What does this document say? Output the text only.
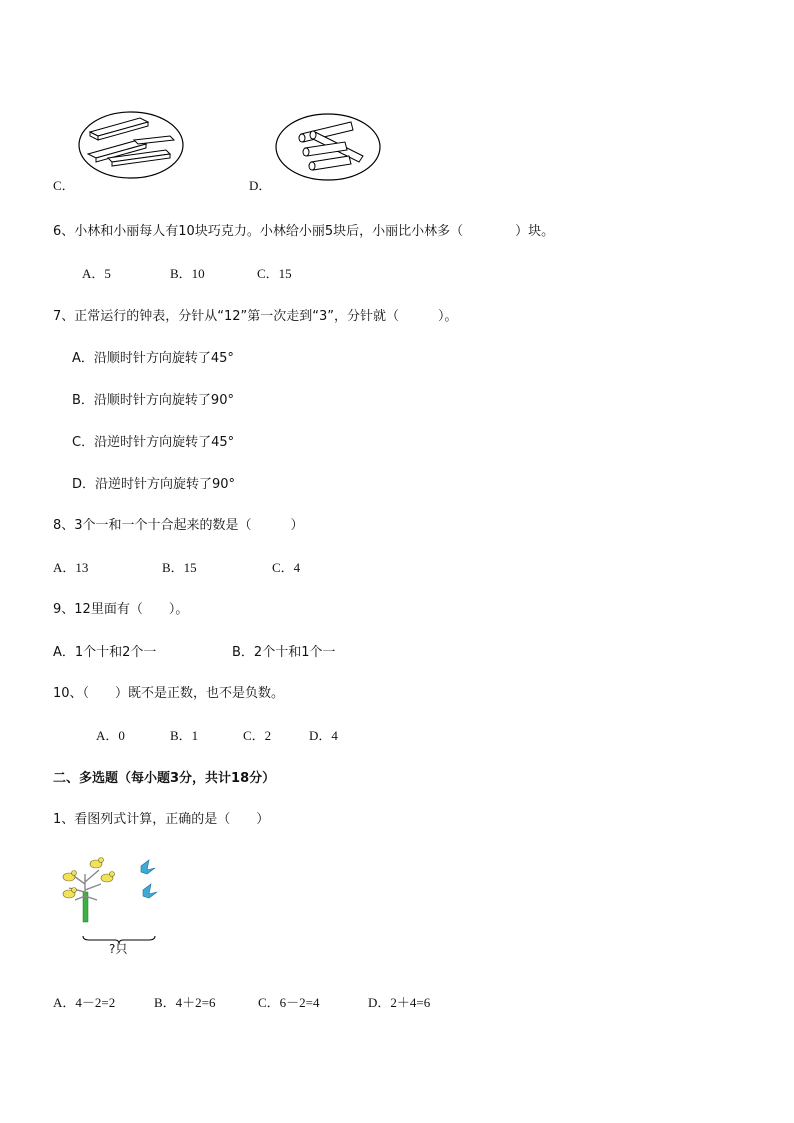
C．	D．
6、小林和小丽每人有10块巧克力。小林给小丽5块后，小丽比小林多（　　　　）块。
A．5	B．10	C．15
7、正常运行的钟表，分针从“12”第一次走到“3”，分针就（　　　）。
A．沿顺时针方向旋转了45°
B．沿顺时针方向旋转了90°
C．沿逆时针方向旋转了45°
D．沿逆时针方向旋转了90°
8、3个一和一个十合起来的数是（　　　）
A．13	B．15	C．4
9、12里面有（　　）。
A．1个十和2个一	B．2个十和1个一
10、（　　）既不是正数，也不是负数。
A．0	B．1	C．2	D．4
二、多选题（每小题3分，共计18分）
1、看图列式计算，正确的是（　　）
?只
A．4－2=2	B．4＋2=6	C．6－2=4	D．2＋4=6
